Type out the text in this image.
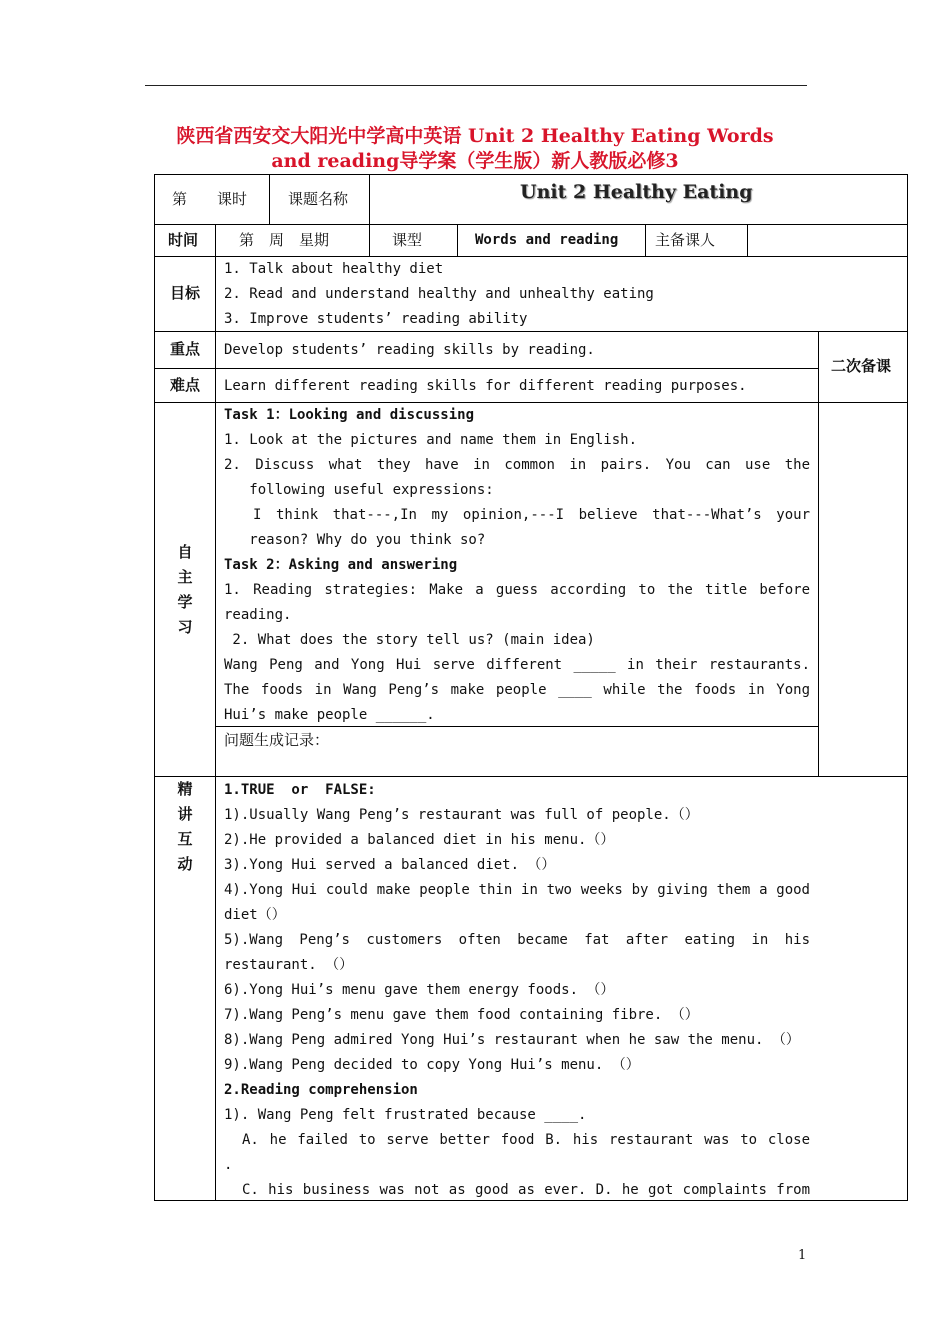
陕西省西安交大阳光中学高中英语 Unit 2 Healthy Eating Words
and reading导学案（学生版）新人教版必修3
第　　课时	课题名称	Unit 2 Healthy Eating
时间	第　周　星期	课型	Words and reading 主备课人
目标
1. Talk about healthy diet
2. Read and understand healthy and unhealthy eating
3. Improve students’ reading ability
重点 Develop students’ reading skills by reading.
难点 Learn different reading skills for different reading purposes.
二次备课
自
主
学
习
Task 1：Looking and discussing
1. Look at the pictures and name them in English.
2. Discuss what they have in common in pairs. You can use the
following useful expressions:
I think that---,In my opinion,---I believe that---What’s your
reason? Why do you think so?
Task 2：Asking and answering
1. Reading strategies: Make a guess according to the title before
reading.
2. What does the story tell us? (main idea)
Wang Peng and Yong Hui serve different _____ in their restaurants.
The foods in Wang Peng’s make people ____ while the foods in Yong
Hui’s make people ______.
问题生成记录：
精
讲
互
动
1.TRUE  or  FALSE:
1).Usually Wang Peng’s restaurant was full of people.（）
2).He provided a balanced diet in his menu.（）
3).Yong Hui served a balanced diet. （）
4).Yong Hui could make people thin in two weeks by giving them a good
diet（）
5).Wang Peng’s customers often became fat after eating in his
restaurant. （）
6).Yong Hui’s menu gave them energy foods. （）
7).Wang Peng’s menu gave them food containing fibre. （）
8).Wang Peng admired Yong Hui’s restaurant when he saw the menu. （）
9).Wang Peng decided to copy Yong Hui’s menu. （）
2.Reading comprehension
1). Wang Peng felt frustrated because ____.
A. he failed to serve better food B. his restaurant was to close
.
C. his business was not as good as ever. D. he got complaints from
1
